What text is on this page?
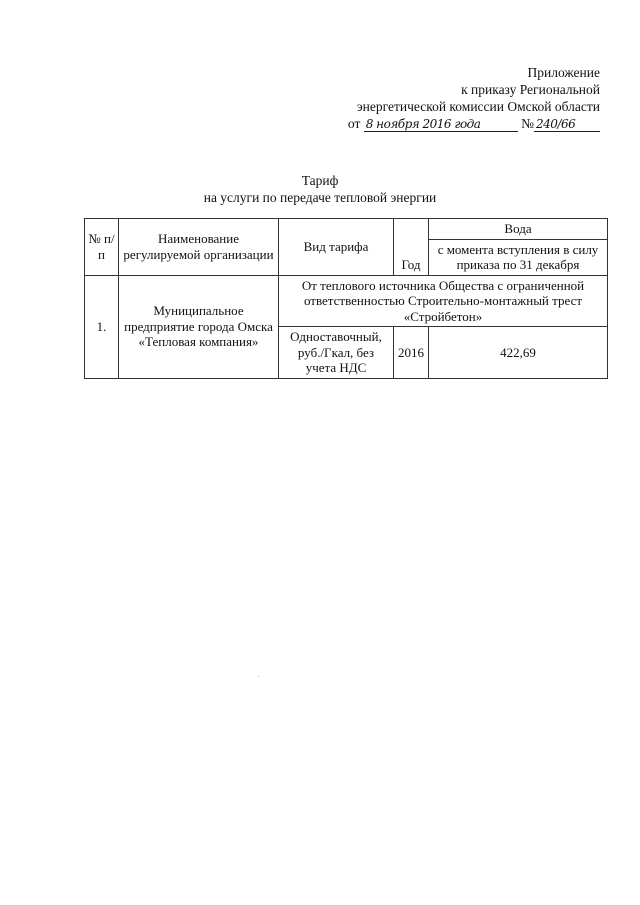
Приложение
к приказу Региональной
энергетической комиссии Омской области
от 8 ноября 2016 года	№ 240/66
Тариф
на услуги по передаче тепловой энергии
№ п/п	Наименование регулируемой организации	Вид тарифа	Год	Вода
				с момента вступления в силу приказа по 31 декабря
1.	Муниципальное предприятие города Омска «Тепловая компания»	От теплового источника Общества с ограниченной ответственностью Строительно-монтажный трест «Стройбетон»		
		Одноставочный, руб./Гкал, без учета НДС	2016	422,69
